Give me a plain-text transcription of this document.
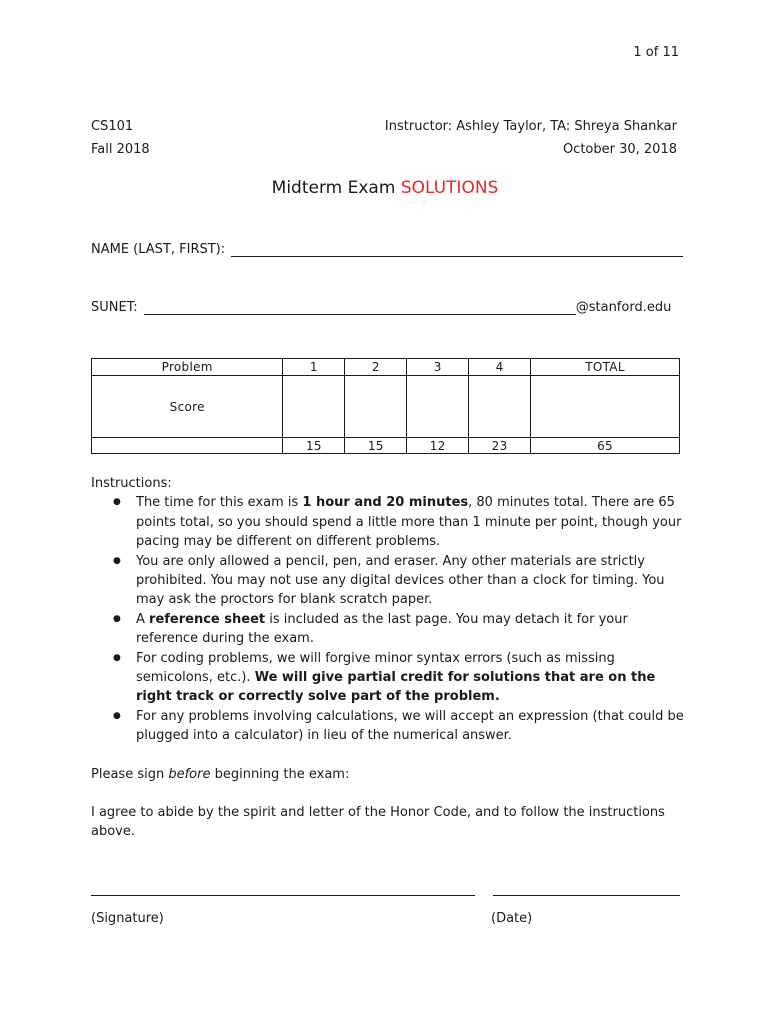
1 of 11
CS101
Fall 2018
Instructor: Ashley Taylor, TA: Shreya Shankar
October 30, 2018
Midterm Exam SOLUTIONS
NAME (LAST, FIRST):
SUNET:	@stanford.edu
Problem	1	2	3	4	TOTAL
Score					
	15	15	12	23	65
Instructions:
● The time for this exam is 1 hour and 20 minutes, 80 minutes total. There are 65 points total, so you should spend a little more than 1 minute per point, though your pacing may be different on different problems.
● You are only allowed a pencil, pen, and eraser. Any other materials are strictly prohibited. You may not use any digital devices other than a clock for timing. You may ask the proctors for blank scratch paper.
● A reference sheet is included as the last page. You may detach it for your reference during the exam.
● For coding problems, we will forgive minor syntax errors (such as missing semicolons, etc.). We will give partial credit for solutions that are on the right track or correctly solve part of the problem.
● For any problems involving calculations, we will accept an expression (that could be plugged into a calculator) in lieu of the numerical answer.
Please sign before beginning the exam:
I agree to abide by the spirit and letter of the Honor Code, and to follow the instructions above.
(Signature)	(Date)
